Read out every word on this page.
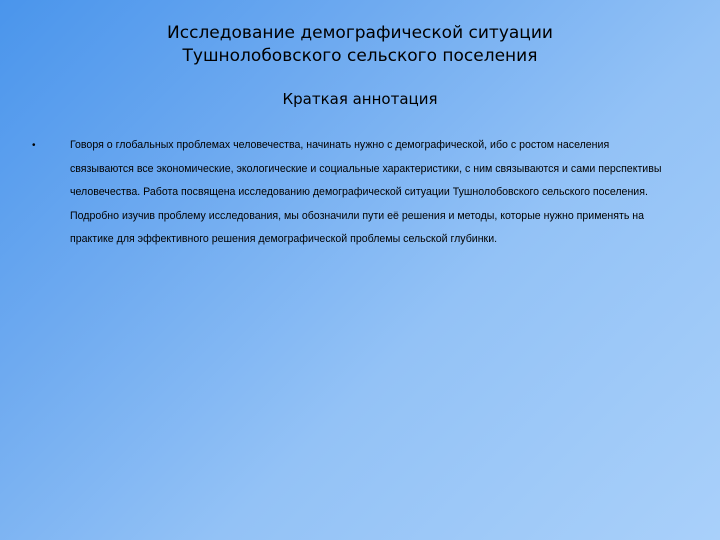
Исследование демографической ситуации
Тушнолобовского сельского поселения
Краткая аннотация
•	Говоря о глобальных проблемах человечества, начинать нужно с демографической, ибо с ростом населения связываются все экономические, экологические и социальные характеристики, с ним связываются и сами перспективы человечества. Работа посвящена исследованию демографической ситуации Тушнолобовского сельского поселения. Подробно изучив проблему исследования, мы обозначили пути её решения и методы, которые нужно применять на практике для эффективного решения демографической проблемы сельской глубинки.
